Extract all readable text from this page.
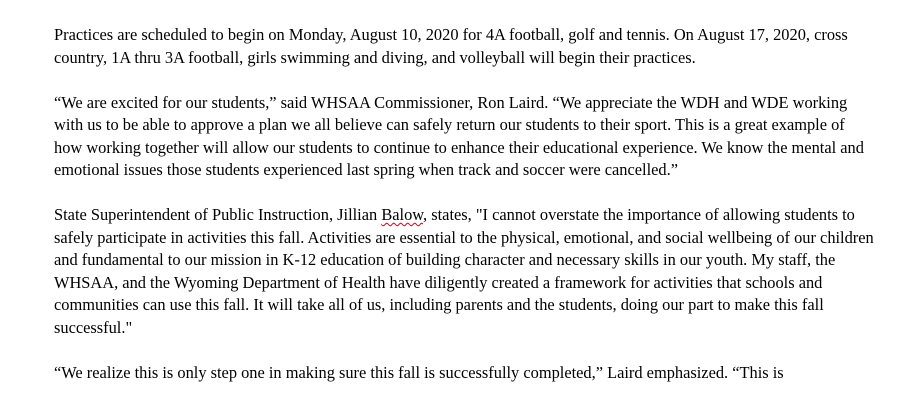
Practices are scheduled to begin on Monday, August 10, 2020 for 4A football, golf and tennis. On August 17, 2020, cross country, 1A thru 3A football, girls swimming and diving, and volleyball will begin their practices.

“We are excited for our students,” said WHSAA Commissioner, Ron Laird. “We appreciate the WDH and WDE working with us to be able to approve a plan we all believe can safely return our students to their sport. This is a great example of how working together will allow our students to continue to enhance their educational experience. We know the mental and emotional issues those students experienced last spring when track and soccer were cancelled.”

State Superintendent of Public Instruction, Jillian Balow, states, "I cannot overstate the importance of allowing students to safely participate in activities this fall. Activities are essential to the physical, emotional, and social wellbeing of our children and fundamental to our mission in K-12 education of building character and necessary skills in our youth. My staff, the WHSAA, and the Wyoming Department of Health have diligently created a framework for activities that schools and communities can use this fall. It will take all of us, including parents and the students, doing our part to make this fall successful."

“We realize this is only step one in making sure this fall is successfully completed,” Laird emphasized. “This is
